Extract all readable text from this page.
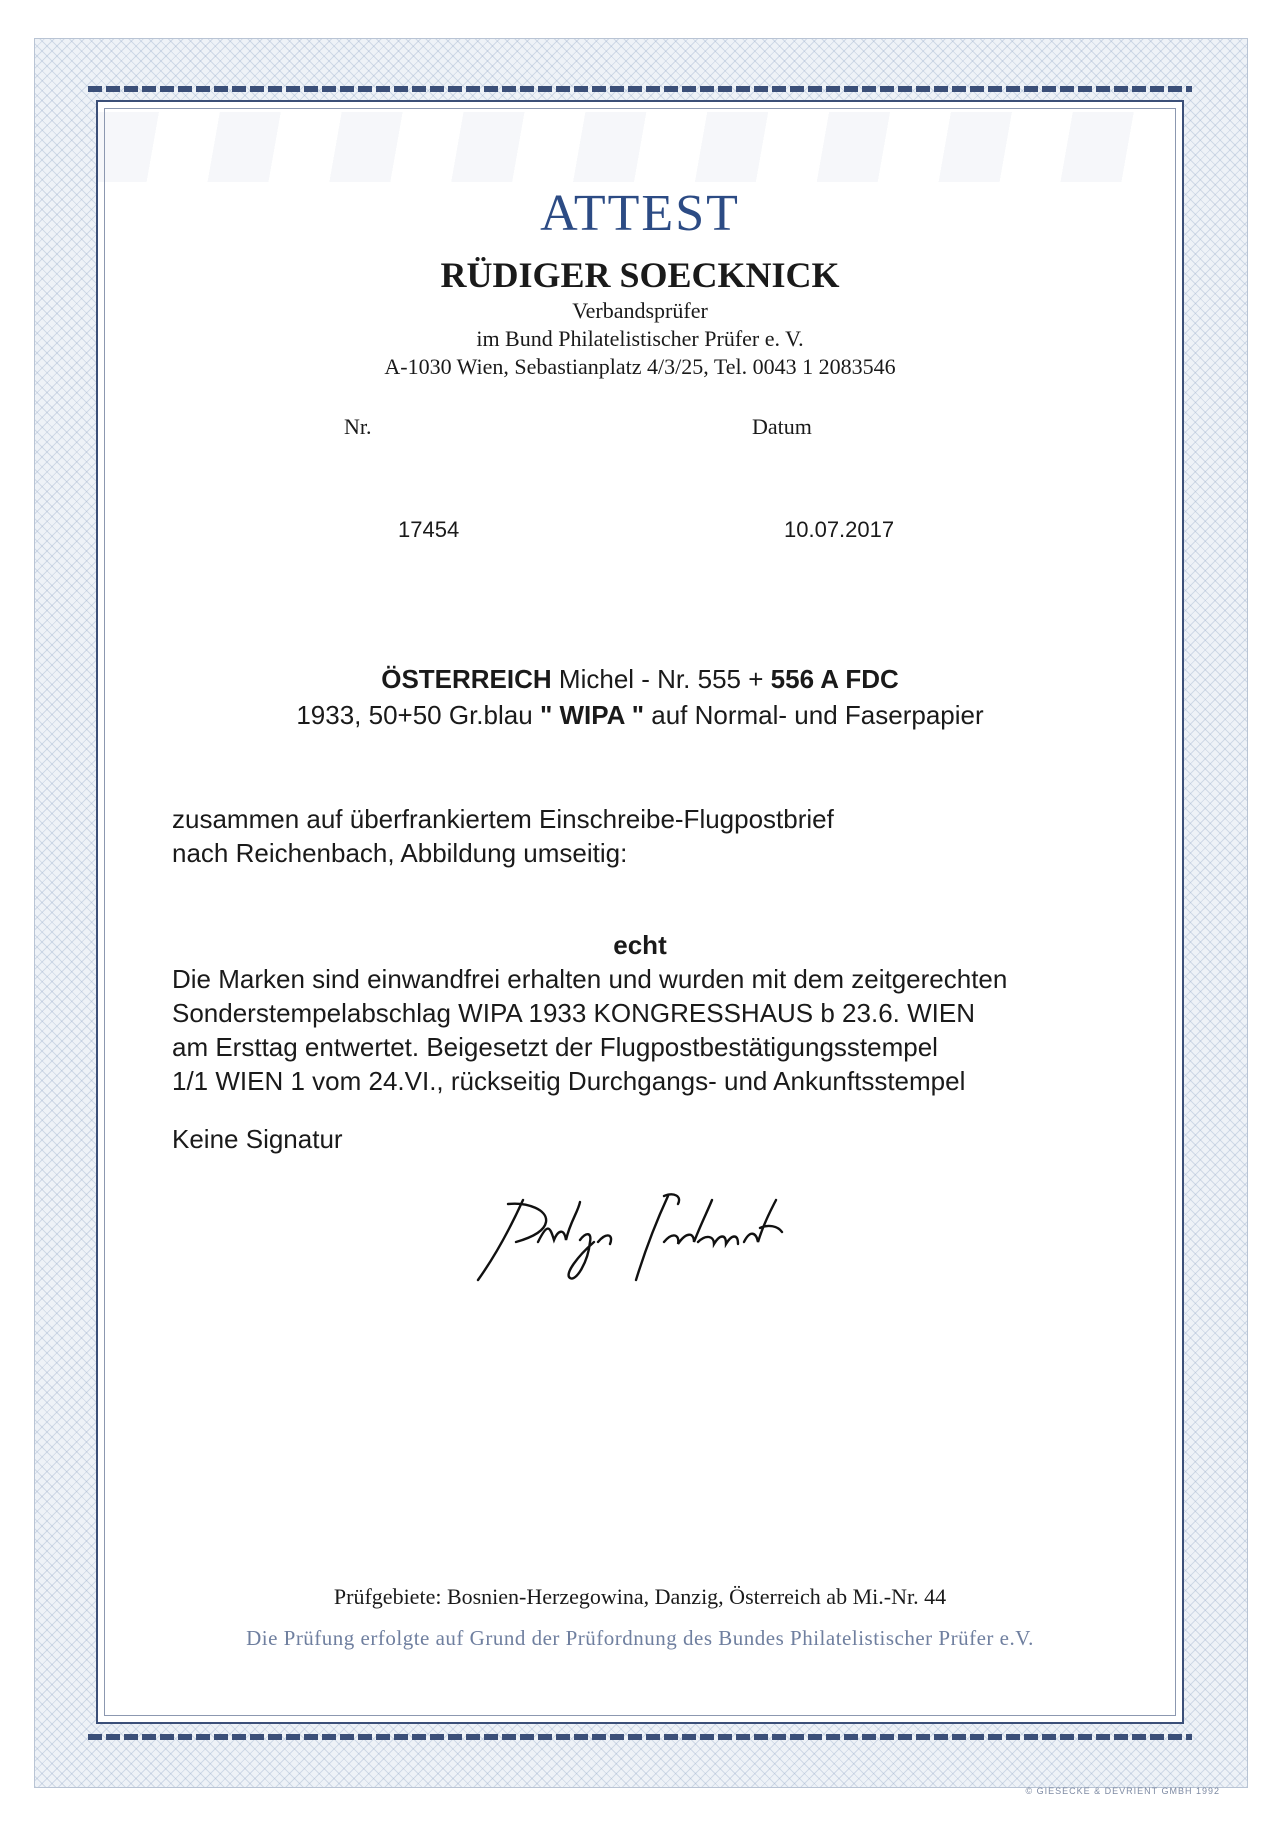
ATTEST
RÜDIGER SOECKNICK
Verbandsprüfer
im Bund Philatelistischer Prüfer e. V.
A-1030 Wien, Sebastianplatz 4/3/25, Tel. 0043 1 2083546
Nr.	Datum
17454	10.07.2017
ÖSTERREICH Michel - Nr. 555 + 556 A FDC
1933, 50+50 Gr.blau " WIPA " auf Normal- und Faserpapier
zusammen auf überfrankiertem Einschreibe-Flugpostbrief
nach Reichenbach, Abbildung umseitig:
echt
Die Marken sind einwandfrei erhalten und wurden mit dem zeitgerechten
Sonderstempelabschlag WIPA 1933 KONGRESSHAUS b 23.6. WIEN
am Ersttag entwertet. Beigesetzt der Flugpostbestätigungsstempel
1/1 WIEN 1 vom 24.VI., rückseitig Durchgangs- und Ankunftsstempel
Keine Signatur
Prüfgebiete: Bosnien-Herzegowina, Danzig, Österreich ab Mi.-Nr. 44
Die Prüfung erfolgte auf Grund der Prüfordnung des Bundes Philatelistischer Prüfer e.V.
© GIESECKE & DEVRIENT GMBH 1992
